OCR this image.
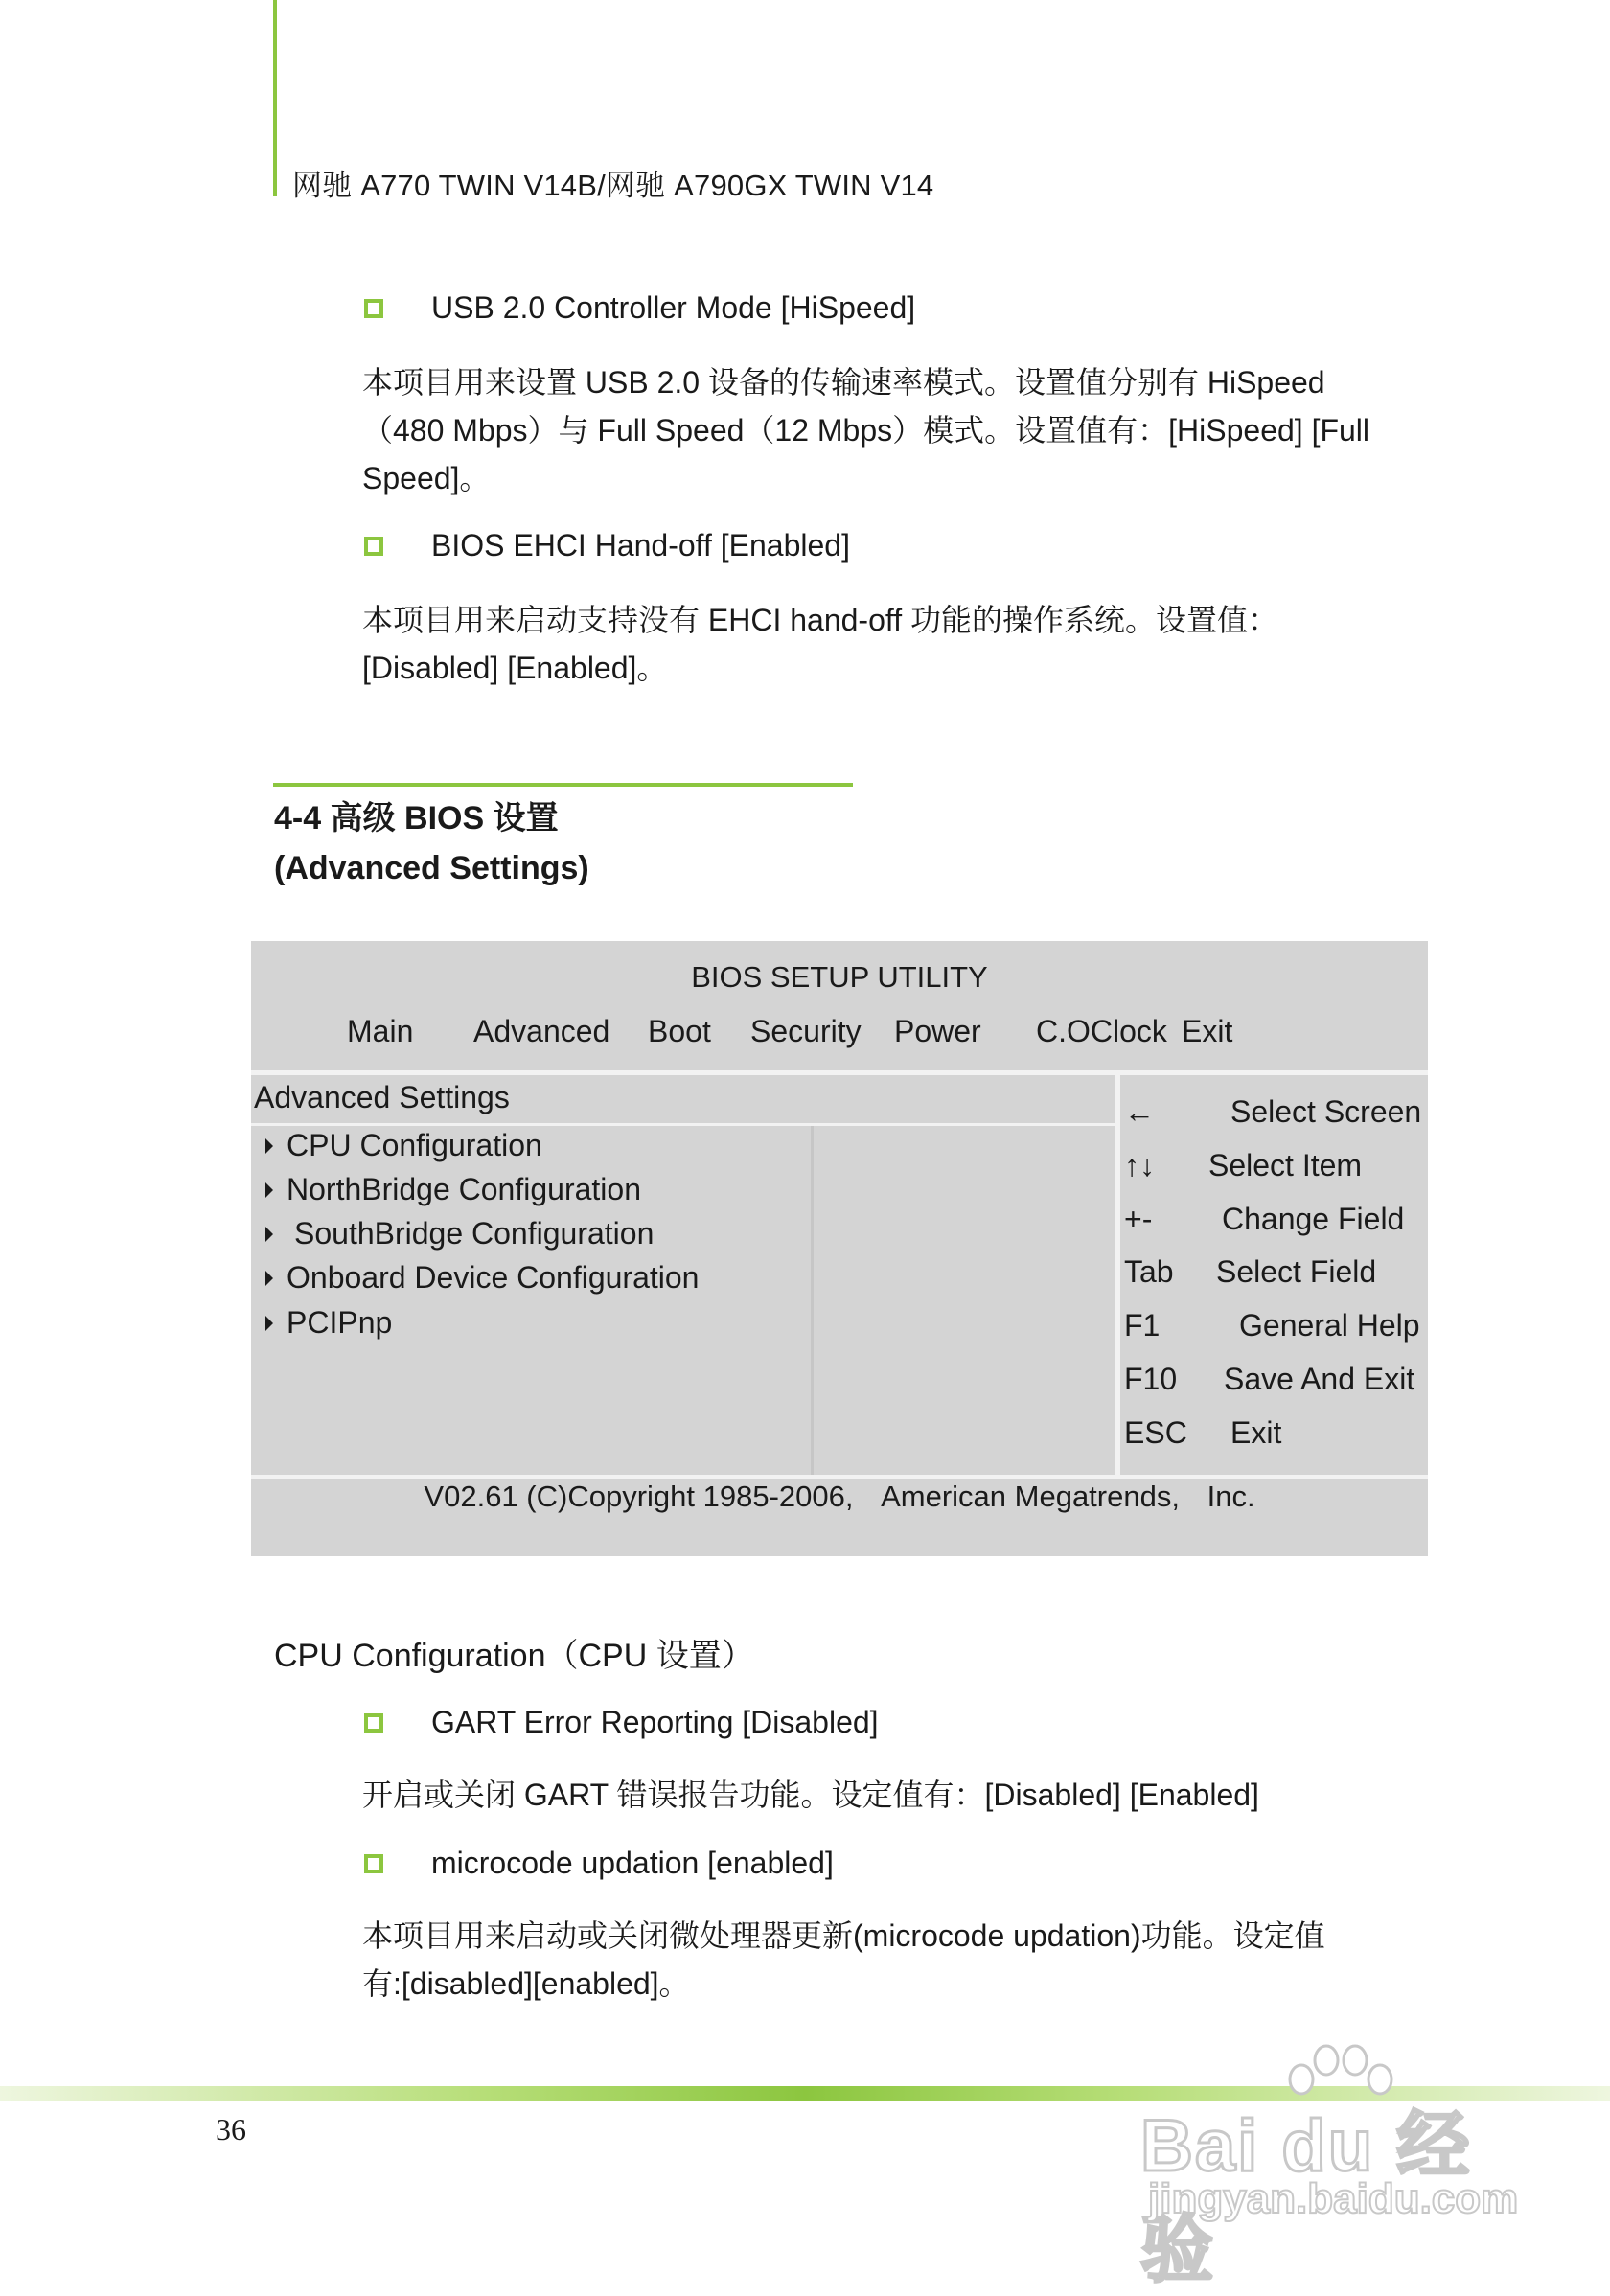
网驰 A770 TWIN V14B/网驰 A790GX TWIN V14
USB 2.0 Controller Mode [HiSpeed]
本项目用来设置 USB 2.0 设备的传输速率模式。设置值分别有 HiSpeed
（480 Mbps）与 Full Speed（12 Mbps）模式。设置值有：[HiSpeed] [Full
Speed]。
BIOS EHCI Hand-off [Enabled]
本项目用来启动支持没有 EHCI hand-off 功能的操作系统。设置值：
[Disabled] [Enabled]。
4-4 高级 BIOS 设置
(Advanced Settings)
BIOS SETUP UTILITY
Main Advanced Boot Security Power C.OClock Exit
Advanced Settings
CPU Configuration
NorthBridge Configuration
SouthBridge Configuration
Onboard Device Configuration
PCIPnp
← Select Screen
↑↓ Select Item
+- Change Field
Tab Select Field
F1	General Help
F10 Save And Exit
ESC Exit
V02.61 (C)Copyright 1985-2006, American Megatrends, Inc.
CPU Configuration（CPU 设置）
GART Error Reporting [Disabled]
开启或关闭 GART 错误报告功能。设定值有：[Disabled] [Enabled]
microcode updation [enabled]
本项目用来启动或关闭微处理器更新(microcode updation)功能。设定值
有:[disabled][enabled]。
36	Bai du 经验
jingyan.baidu.com
